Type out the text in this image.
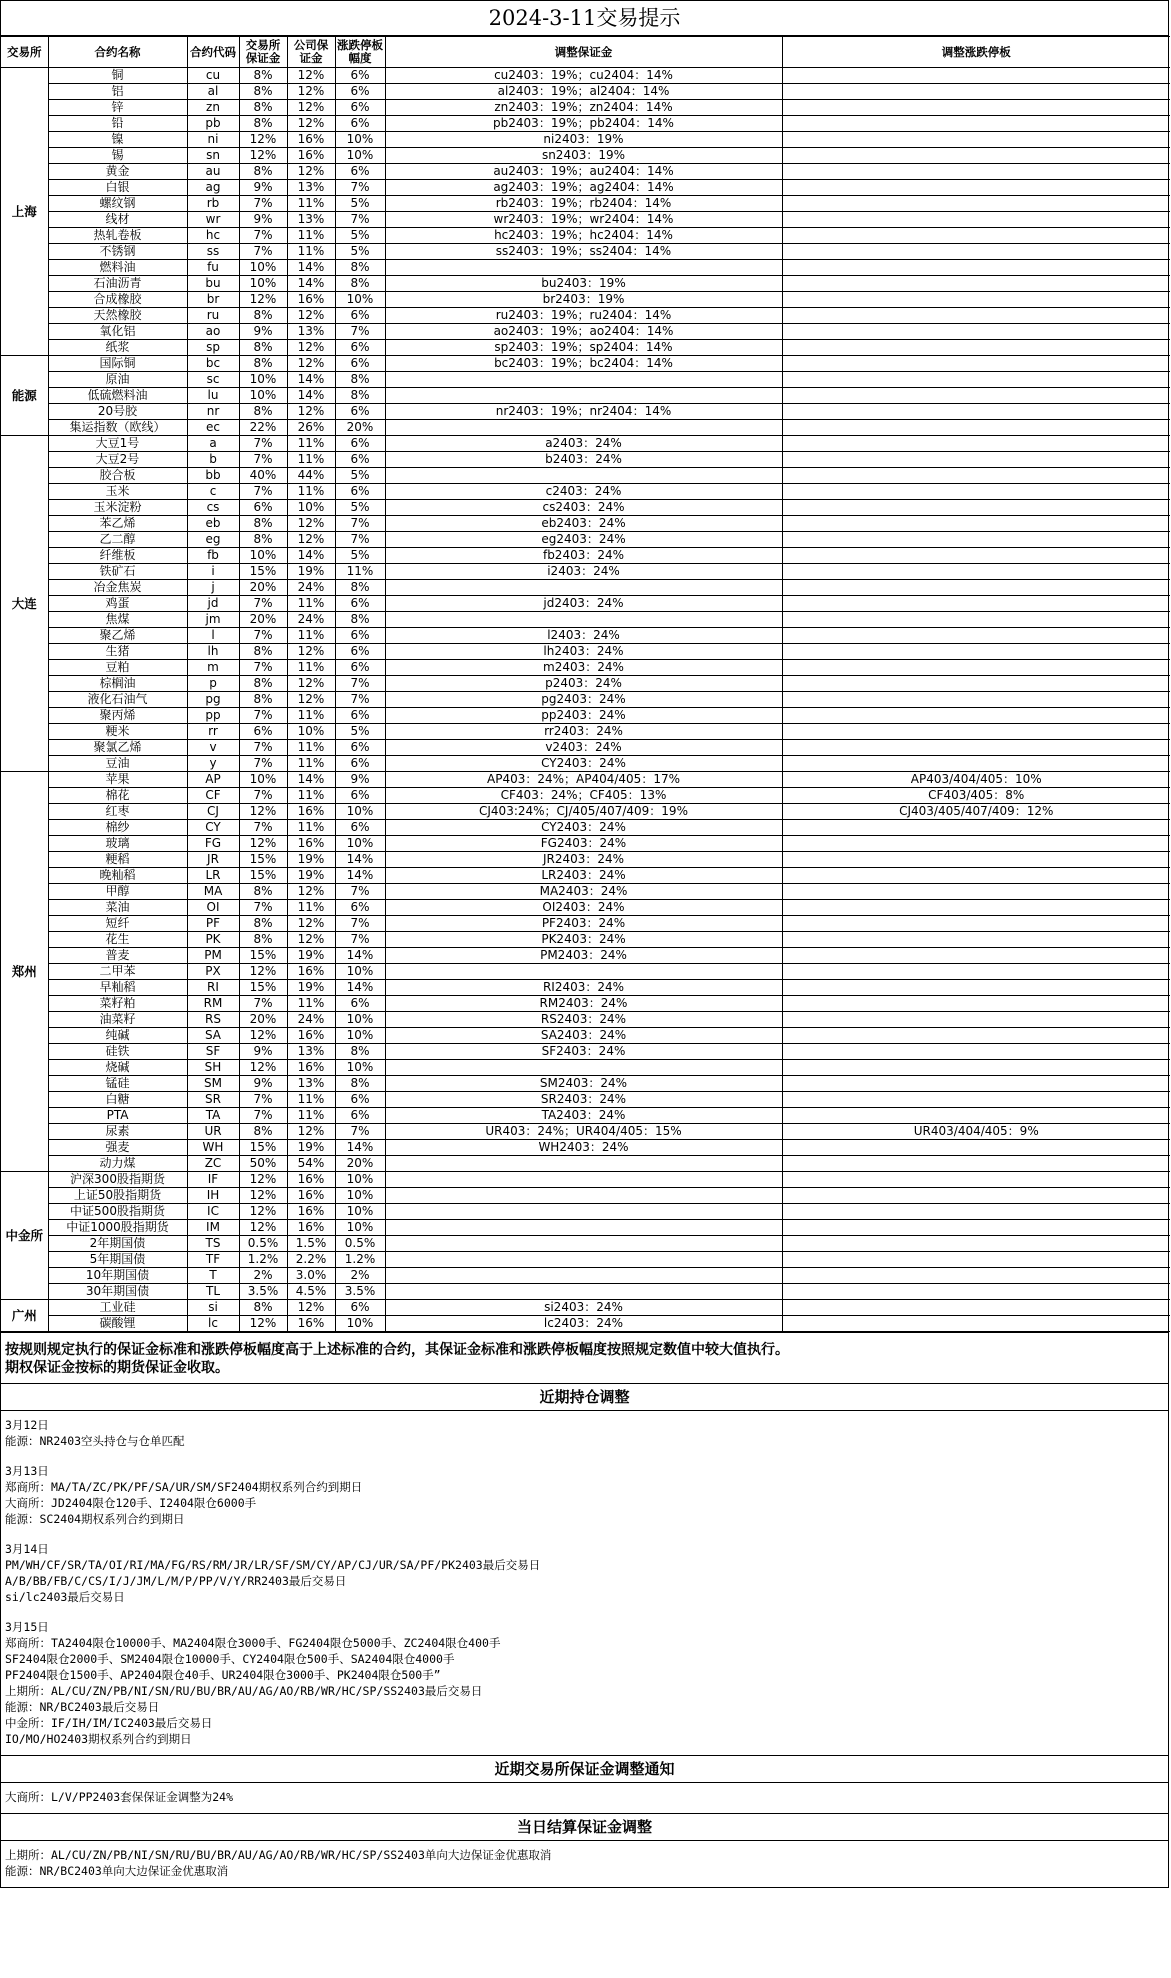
2024-3-11交易提示
交易所	合约名称	合约代码	交易所保证金	公司保证金	涨跌停板幅度	调整保证金	调整涨跌停板
上海	铜	cu	8%	12%	6%	cu2403：19%；cu2404：14%	
	铝	al	8%	12%	6%	al2403：19%；al2404：14%	
	锌	zn	8%	12%	6%	zn2403：19%；zn2404：14%	
	铅	pb	8%	12%	6%	pb2403：19%；pb2404：14%	
	镍	ni	12%	16%	10%	ni2403：19%	
	锡	sn	12%	16%	10%	sn2403：19%	
	黄金	au	8%	12%	6%	au2403：19%；au2404：14%	
	白银	ag	9%	13%	7%	ag2403：19%；ag2404：14%	
	螺纹钢	rb	7%	11%	5%	rb2403：19%；rb2404：14%	
	线材	wr	9%	13%	7%	wr2403：19%；wr2404：14%	
	热轧卷板	hc	7%	11%	5%	hc2403：19%；hc2404：14%	
	不锈钢	ss	7%	11%	5%	ss2403：19%；ss2404：14%	
	燃料油	fu	10%	14%	8%		
	石油沥青	bu	10%	14%	8%	bu2403：19%	
	合成橡胶	br	12%	16%	10%	br2403：19%	
	天然橡胶	ru	8%	12%	6%	ru2403：19%；ru2404：14%	
	氧化铝	ao	9%	13%	7%	ao2403：19%；ao2404：14%	
	纸浆	sp	8%	12%	6%	sp2403：19%；sp2404：14%	
能源	国际铜	bc	8%	12%	6%	bc2403：19%；bc2404：14%	
	原油	sc	10%	14%	8%		
	低硫燃料油	lu	10%	14%	8%		
	20号胶	nr	8%	12%	6%	nr2403：19%；nr2404：14%	
	集运指数（欧线）	ec	22%	26%	20%		
大连	大豆1号	a	7%	11%	6%	a2403：24%	
	大豆2号	b	7%	11%	6%	b2403：24%	
	胶合板	bb	40%	44%	5%		
	玉米	c	7%	11%	6%	c2403：24%	
	玉米淀粉	cs	6%	10%	5%	cs2403：24%	
	苯乙烯	eb	8%	12%	7%	eb2403：24%	
	乙二醇	eg	8%	12%	7%	eg2403：24%	
	纤维板	fb	10%	14%	5%	fb2403：24%	
	铁矿石	i	15%	19%	11%	i2403：24%	
	冶金焦炭	j	20%	24%	8%		
	鸡蛋	jd	7%	11%	6%	jd2403：24%	
	焦煤	jm	20%	24%	8%		
	聚乙烯	l	7%	11%	6%	l2403：24%	
	生猪	lh	8%	12%	6%	lh2403：24%	
	豆粕	m	7%	11%	6%	m2403：24%	
	棕榈油	p	8%	12%	7%	p2403：24%	
	液化石油气	pg	8%	12%	7%	pg2403：24%	
	聚丙烯	pp	7%	11%	6%	pp2403：24%	
	粳米	rr	6%	10%	5%	rr2403：24%	
	聚氯乙烯	v	7%	11%	6%	v2403：24%	
	豆油	y	7%	11%	6%	CY2403：24%	
郑州	苹果	AP	10%	14%	9%	AP403：24%；AP404/405：17%	AP403/404/405：10%
	棉花	CF	7%	11%	6%	CF403：24%；CF405：13%	CF403/405：8%
	红枣	CJ	12%	16%	10%	CJ403:24%；CJ/405/407/409：19%	CJ403/405/407/409：12%
	棉纱	CY	7%	11%	6%	CY2403：24%	
	玻璃	FG	12%	16%	10%	FG2403：24%	
	粳稻	JR	15%	19%	14%	JR2403：24%	
	晚籼稻	LR	15%	19%	14%	LR2403：24%	
	甲醇	MA	8%	12%	7%	MA2403：24%	
	菜油	OI	7%	11%	6%	OI2403：24%	
	短纤	PF	8%	12%	7%	PF2403：24%	
	花生	PK	8%	12%	7%	PK2403：24%	
	普麦	PM	15%	19%	14%	PM2403：24%	
	二甲苯	PX	12%	16%	10%		
	早籼稻	RI	15%	19%	14%	RI2403：24%	
	菜籽粕	RM	7%	11%	6%	RM2403：24%	
	油菜籽	RS	20%	24%	10%	RS2403：24%	
	纯碱	SA	12%	16%	10%	SA2403：24%	
	硅铁	SF	9%	13%	8%	SF2403：24%	
	烧碱	SH	12%	16%	10%		
	锰硅	SM	9%	13%	8%	SM2403：24%	
	白糖	SR	7%	11%	6%	SR2403：24%	
	PTA	TA	7%	11%	6%	TA2403：24%	
	尿素	UR	8%	12%	7%	UR403：24%；UR404/405：15%	UR403/404/405：9%
	强麦	WH	15%	19%	14%	WH2403：24%	
	动力煤	ZC	50%	54%	20%		
中金所	沪深300股指期货	IF	12%	16%	10%		
	上证50股指期货	IH	12%	16%	10%		
	中证500股指期货	IC	12%	16%	10%		
	中证1000股指期货	IM	12%	16%	10%		
	2年期国债	TS	0.5%	1.5%	0.5%		
	5年期国债	TF	1.2%	2.2%	1.2%		
	10年期国债	T	2%	3.0%	2%		
	30年期国债	TL	3.5%	4.5%	3.5%		
广州	工业硅	si	8%	12%	6%	si2403：24%	
	碳酸锂	lc	12%	16%	10%	lc2403：24%	
按规则规定执行的保证金标准和涨跌停板幅度高于上述标准的合约，其保证金标准和涨跌停板幅度按照规定数值中较大值执行。
期权保证金按标的期货保证金收取。
近期持仓调整
3月12日
能源：NR2403空头持仓与仓单匹配
3月13日
郑商所：MA/TA/ZC/PK/PF/SA/UR/SM/SF2404期权系列合约到期日
大商所：JD2404限仓120手、I2404限仓6000手
能源：SC2404期权系列合约到期日
3月14日
PM/WH/CF/SR/TA/OI/RI/MA/FG/RS/RM/JR/LR/SF/SM/CY/AP/CJ/UR/SA/PF/PK2403最后交易日
A/B/BB/FB/C/CS/I/J/JM/L/M/P/PP/V/Y/RR2403最后交易日
si/lc2403最后交易日
3月15日
郑商所：TA2404限仓10000手、MA2404限仓3000手、FG2404限仓5000手、ZC2404限仓400手
SF2404限仓2000手、SM2404限仓10000手、CY2404限仓500手、SA2404限仓4000手
PF2404限仓1500手、AP2404限仓40手、UR2404限仓3000手、PK2404限仓500手”
上期所：AL/CU/ZN/PB/NI/SN/RU/BU/BR/AU/AG/AO/RB/WR/HC/SP/SS2403最后交易日
能源：NR/BC2403最后交易日
中金所：IF/IH/IM/IC2403最后交易日
IO/MO/HO2403期权系列合约到期日
近期交易所保证金调整通知
大商所：L/V/PP2403套保保证金调整为24%
当日结算保证金调整
上期所：AL/CU/ZN/PB/NI/SN/RU/BU/BR/AU/AG/AO/RB/WR/HC/SP/SS2403单向大边保证金优惠取消
能源：NR/BC2403单向大边保证金优惠取消
